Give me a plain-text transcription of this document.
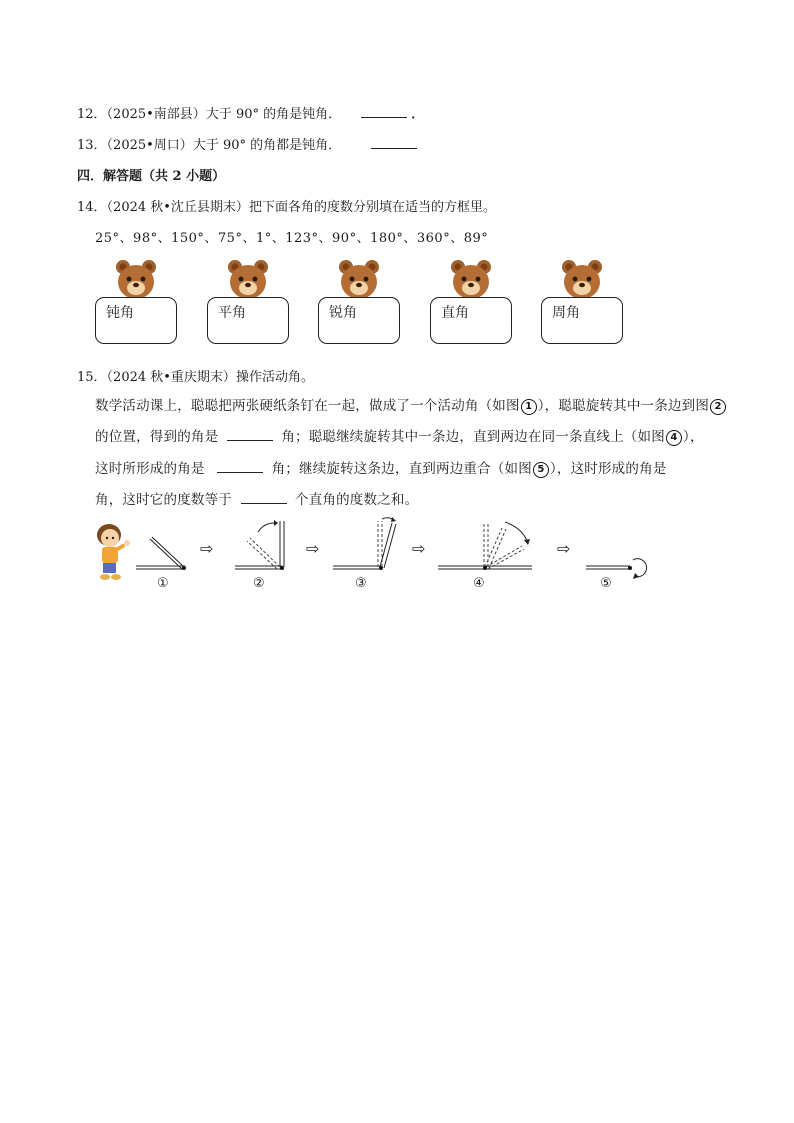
12．（2025•南部县）大于 90° 的角是钝角．	．
13．（2025•周口）大于 90° 的角都是钝角．
四．解答题（共 2 小题）
14．（2024 秋•沈丘县期末）把下面各角的度数分别填在适当的方框里。
25°、98°、150°、75°、1°、123°、90°、180°、360°、89°
钝角	平角	锐角	直角	周角
15．（2024 秋•重庆期末）操作活动角。
数学活动课上，聪聪把两张硬纸条钉在一起，做成了一个活动角（如图 1 ），聪聪旋转其中一条边到图 2
的位置，得到的角是	角；聪聪继续旋转其中一条边，直到两边在同一条直线上（如图 4 ），
这时所形成的角是	角；继续旋转这条边，直到两边重合（如图 5 ），这时形成的角是
角，这时它的度数等于	个直角的度数之和。
⇨	⇨	⇨	⇨
①	②	③	④	⑤
